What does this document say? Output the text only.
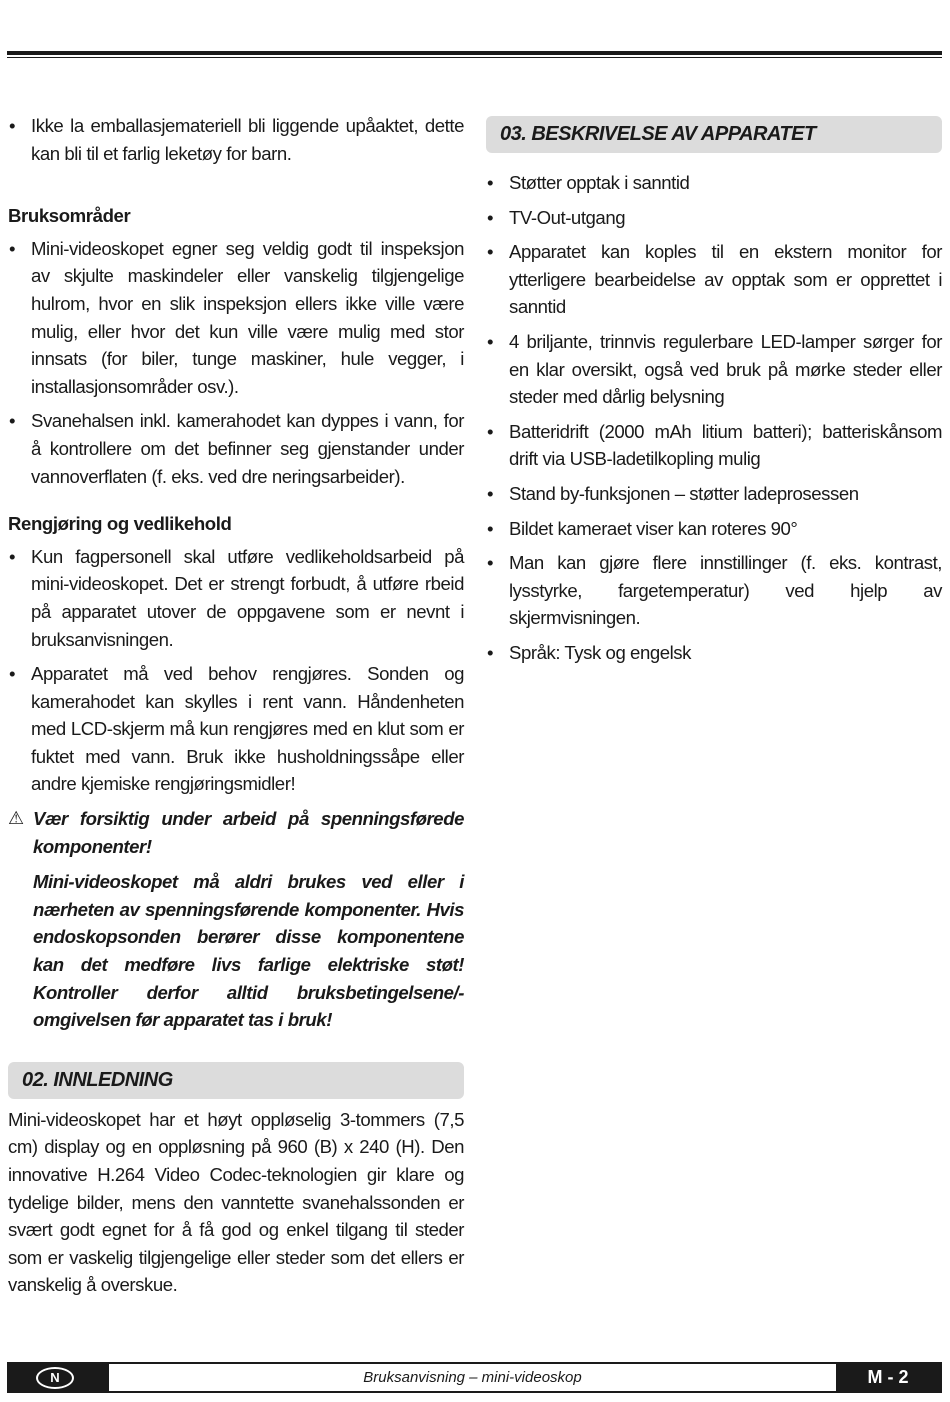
• Ikke la emballasjemateriell bli liggende upåaktet, dette kan bli til et farlig leketøy for barn.

Bruksområder

• Mini-videoskopet egner seg veldig godt til inspeksjon av skjulte maskindeler eller vanskelig tilgjengelige hulrom, hvor en slik inspeksjon ellers ikke ville være mulig, eller hvor det kun ville være mulig med stor innsats (for biler, tunge maskiner, hule vegger, i installasjonsområder osv.).

• Svanehalsen inkl. kamerahodet kan dyppes i vann, for å kontrollere om det befinner seg gjenstander under vannoverflaten (f. eks. ved dre neringsarbeider).

Rengjøring og vedlikehold

• Kun fagpersonell skal utføre vedlikeholdsarbeid på mini-videoskopet. Det er strengt forbudt, å utføre rbeid på apparatet utover de oppgavene som er nevnt i bruksanvisningen.

• Apparatet må ved behov rengjøres. Sonden og kamerahodet kan skylles i rent vann. Håndenheten med LCD-skjerm må kun rengjøres med en klut som er fuktet med vann. Bruk ikke husholdningssåpe eller andre kjemiske rengjøringsmidler!

⚠ Vær forsiktig under arbeid på spenningsførede komponenter!

Mini-videoskopet må aldri brukes ved eller i nærheten av spenningsførende komponenter. Hvis endoskopsonden berører disse komponentene kan det medføre livs farlige elektriske støt! Kontroller derfor alltid bruksbetingelsene/-omgivelsen før apparatet tas i bruk!

02. INNLEDNING

Mini-videoskopet har et høyt oppløselig 3-tommers (7,5 cm) display og en oppløsning på 960 (B) x 240 (H). Den innovative H.264 Video Codec-teknologien gir klare og tydelige bilder, mens den vanntette svanehalssonden er svært godt egnet for å få god og enkel tilgang til steder som er vaskelig tilgjengelige eller steder som det ellers er vanskelig å overskue.

03. BESKRIVELSE AV APPARATET

• Støtter opptak i sanntid

• TV-Out-utgang

• Apparatet kan koples til en ekstern monitor for ytterligere bearbeidelse av opptak som er opprettet i sanntid

• 4 briljante, trinnvis regulerbare LED-lamper sørger for en klar oversikt, også ved bruk på mørke steder eller steder med dårlig belysning

• Batteridrift (2000 mAh litium batteri); batteriskånsom drift via USB-ladetilkopling mulig

• Stand by-funksjonen – støtter ladeprosessen

• Bildet kameraet viser kan roteres 90°

• Man kan gjøre flere innstillinger (f. eks. kontrast, lysstyrke, fargetemperatur) ved hjelp av skjermvisningen.

• Språk: Tysk og engelsk

N	Bruksanvisning – mini-videoskop	M - 2
